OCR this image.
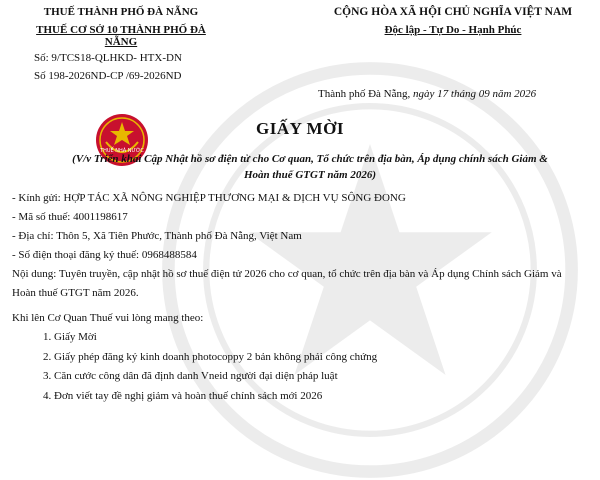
THUẾ THÀNH PHỐ ĐÀ NẴNG
THUẾ CƠ SỞ 10 THÀNH PHỐ ĐÀ NẴNG
Số: 9/TCS18-QLHKD- HTX-DN
Số 198-2026ND-CP /69-2026ND
CỘNG HÒA XÃ HỘI CHỦ NGHĨA VIỆT NAM
Độc lập - Tự Do - Hạnh Phúc
Thành phố Đà Nẵng, ngày 17 tháng 09 năm 2026
THUẾ NHÀ NƯỚC
GIẤY MỜI
(V/v Triển khai Cập Nhật hồ sơ điện tử cho Cơ quan, Tổ chức trên địa bàn, Áp dụng chính sách Giảm & Hoàn thuế GTGT năm 2026)
- Kính gửi: HỢP TÁC XÃ NÔNG NGHIỆP THƯƠNG MẠI & DỊCH VỤ SÔNG ĐONG
- Mã số thuế: 4001198617
- Địa chỉ: Thôn 5, Xã Tiên Phước, Thành phố Đà Nẵng, Việt Nam
- Số điện thoại đăng ký thuế: 0968488584
Nội dung: Tuyên truyền, cập nhật hồ sơ thuế điện tử 2026 cho cơ quan, tổ chức trên địa bàn và Áp dụng Chính sách Giảm và Hoàn thuế GTGT năm 2026.
Khi lên Cơ Quan Thuế vui lòng mang theo:
1. Giấy Mời
2. Giấy phép đăng ký kinh doanh photocoppy 2 bản không phải công chứng
3. Căn cước công dân đã định danh Vneid người đại diện pháp luật
4. Đơn viết tay đề nghị giảm và hoàn thuế chính sách mới 2026
